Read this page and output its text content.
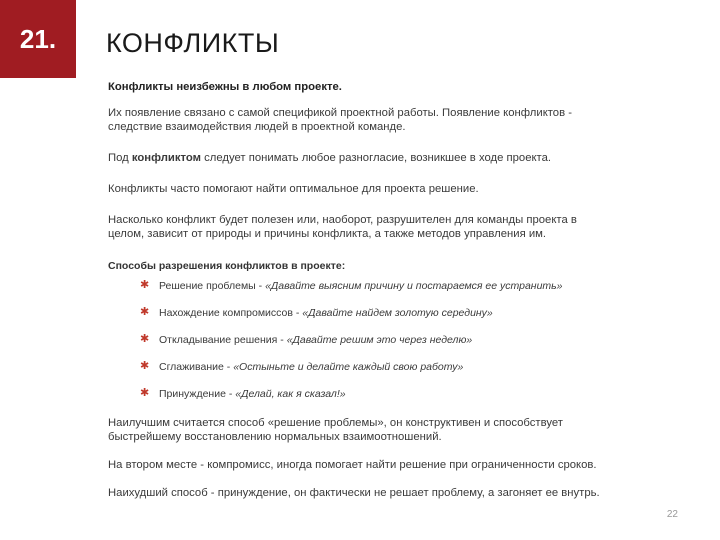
21. КОНФЛИКТЫ

Конфликты неизбежны в любом проекте.

Их появление связано с самой спецификой проектной работы. Появление конфликтов - следствие взаимодействия людей в проектной команде.

Под конфликтом следует понимать любое разногласие, возникшее в ходе проекта.

Конфликты часто помогают найти оптимальное для проекта решение.

Насколько конфликт будет полезен или, наоборот, разрушителен для команды проекта в целом, зависит от природы и причины конфликта, а также методов управления им.

Способы разрешения конфликтов в проекте:

✱ Решение проблемы - «Давайте выясним причину и постараемся ее устранить»
✱ Нахождение компромиссов - «Давайте найдем золотую середину»
✱ Откладывание решения - «Давайте решим это через неделю»
✱ Сглаживание - «Остыньте и делайте каждый свою работу»
✱ Принуждение - «Делай, как я сказал!»

Наилучшим считается способ «решение проблемы», он конструктивен и способствует быстрейшему восстановлению нормальных взаимоотношений.

На втором месте - компромисс, иногда помогает найти решение при ограниченности сроков.

Наихудший способ - принуждение, он фактически не решает проблему, а загоняет ее внутрь.

22
